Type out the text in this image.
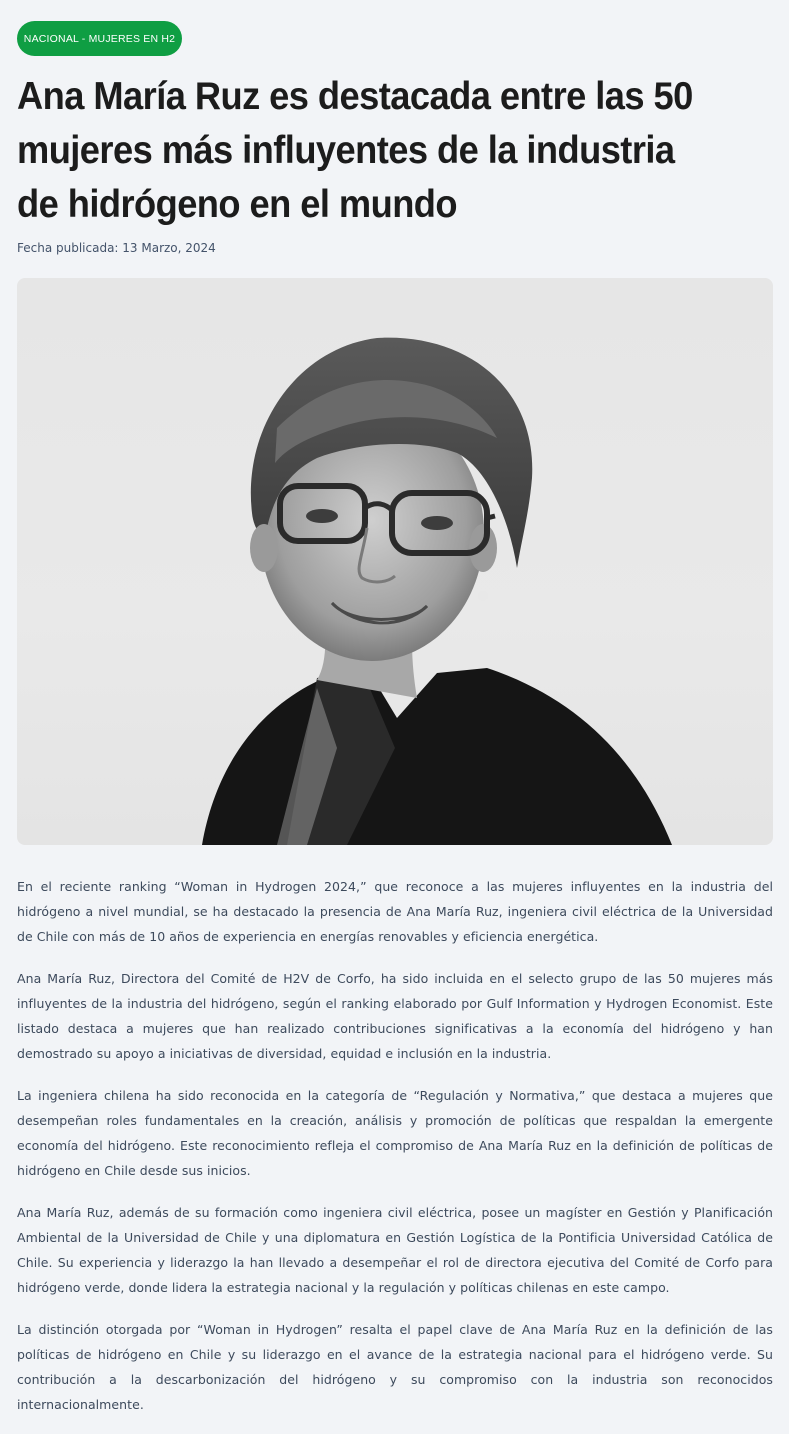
NACIONAL - MUJERES EN H2
Ana María Ruz es destacada entre las 50 mujeres más influyentes de la industria de hidrógeno en el mundo
Fecha publicada: 13 Marzo, 2024

En el reciente ranking “Woman in Hydrogen 2024,” que reconoce a las mujeres influyentes en la industria del hidrógeno a nivel mundial, se ha destacado la presencia de Ana María Ruz, ingeniera civil eléctrica de la Universidad de Chile con más de 10 años de experiencia en energías renovables y eficiencia energética.

Ana María Ruz, Directora del Comité de H2V de Corfo, ha sido incluida en el selecto grupo de las 50 mujeres más influyentes de la industria del hidrógeno, según el ranking elaborado por Gulf Information y Hydrogen Economist. Este listado destaca a mujeres que han realizado contribuciones significativas a la economía del hidrógeno y han demostrado su apoyo a iniciativas de diversidad, equidad e inclusión en la industria.

La ingeniera chilena ha sido reconocida en la categoría de “Regulación y Normativa,” que destaca a mujeres que desempeñan roles fundamentales en la creación, análisis y promoción de políticas que respaldan la emergente economía del hidrógeno. Este reconocimiento refleja el compromiso de Ana María Ruz en la definición de políticas de hidrógeno en Chile desde sus inicios.

Ana María Ruz, además de su formación como ingeniera civil eléctrica, posee un magíster en Gestión y Planificación Ambiental de la Universidad de Chile y una diplomatura en Gestión Logística de la Pontificia Universidad Católica de Chile. Su experiencia y liderazgo la han llevado a desempeñar el rol de directora ejecutiva del Comité de Corfo para hidrógeno verde, donde lidera la estrategia nacional y la regulación y políticas chilenas en este campo.

La distinción otorgada por “Woman in Hydrogen” resalta el papel clave de Ana María Ruz en la definición de las políticas de hidrógeno en Chile y su liderazgo en el avance de la estrategia nacional para el hidrógeno verde. Su contribución a la descarbonización del hidrógeno y su compromiso con la industria son reconocidos internacionalmente.
